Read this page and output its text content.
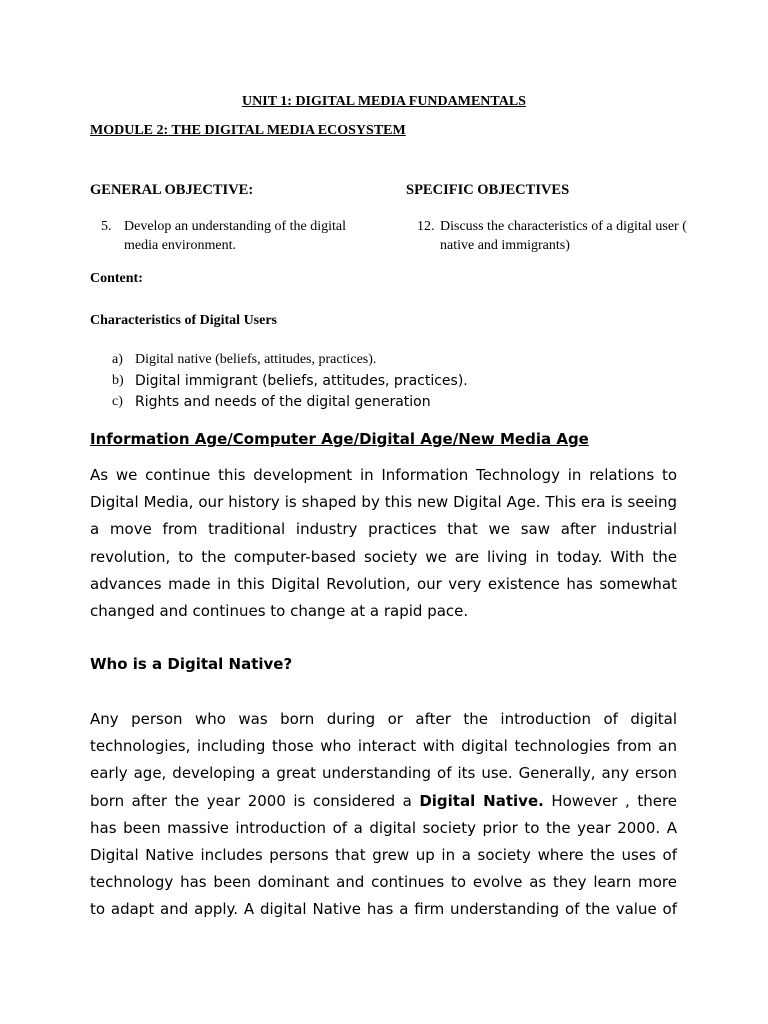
UNIT 1: DIGITAL MEDIA FUNDAMENTALS
MODULE 2: THE DIGITAL MEDIA ECOSYSTEM
GENERAL OBJECTIVE:	SPECIFIC OBJECTIVES
5. Develop an understanding of the digital media environment.
12. Discuss the characteristics of a digital user ( native and immigrants)
Content:
Characteristics of Digital Users
a) Digital native (beliefs, attitudes, practices).
b) Digital immigrant (beliefs, attitudes, practices).
c) Rights and needs of the digital generation
Information Age/Computer Age/Digital Age/New Media Age
As we continue this development in Information Technology in relations to
Digital Media, our history is shaped by this new Digital Age. This era is seeing
a move from traditional industry practices that we saw after industrial
revolution, to the computer-based society we are living in today. With the
advances made in this Digital Revolution, our very existence has somewhat
changed and continues to change at a rapid pace.
Who is a Digital Native?
Any person who was born during or after the introduction of digital
technologies, including those who interact with digital technologies from an
early age, developing a great understanding of its use. Generally, any erson
born after the year 2000 is considered a Digital Native. However , there
has been massive introduction of a digital society prior to the year 2000. A
Digital Native includes persons that grew up in a society where the uses of
technology has been dominant and continues to evolve as they learn more
to adapt and apply. A digital Native has a firm understanding of the value of
